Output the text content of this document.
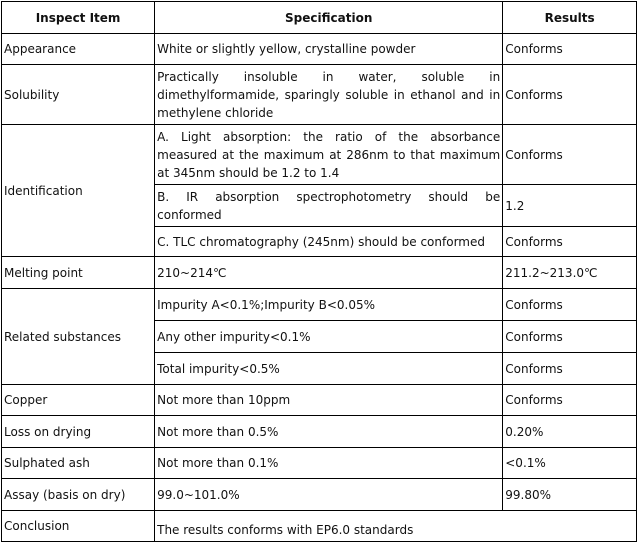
Inspect Item	Specification	Results
Appearance	White or slightly yellow, crystalline powder	Conforms
Solubility	Practically insoluble in water, soluble in dimethylformamide, sparingly soluble in ethanol and in methylene chloride	Conforms
Identification	A. Light absorption: the ratio of the absorbance measured at the maximum at 286nm to that maximum at 345nm should be 1.2 to 1.4	Conforms
	B. IR absorption spectrophotometry should be conformed	1.2
	C. TLC chromatography (245nm) should be conformed	Conforms
Melting point	210~214℃	211.2~213.0℃
Related substances	Impurity A<0.1%;Impurity B<0.05%	Conforms
	Any other impurity<0.1%	Conforms
	Total impurity<0.5%	Conforms
Copper	Not more than 10ppm	Conforms
Loss on drying	Not more than 0.5%	0.20%
Sulphated ash	Not more than 0.1%	<0.1%
Assay (basis on dry)	99.0~101.0%	99.80%
Conclusion	The results conforms with EP6.0 standards	
